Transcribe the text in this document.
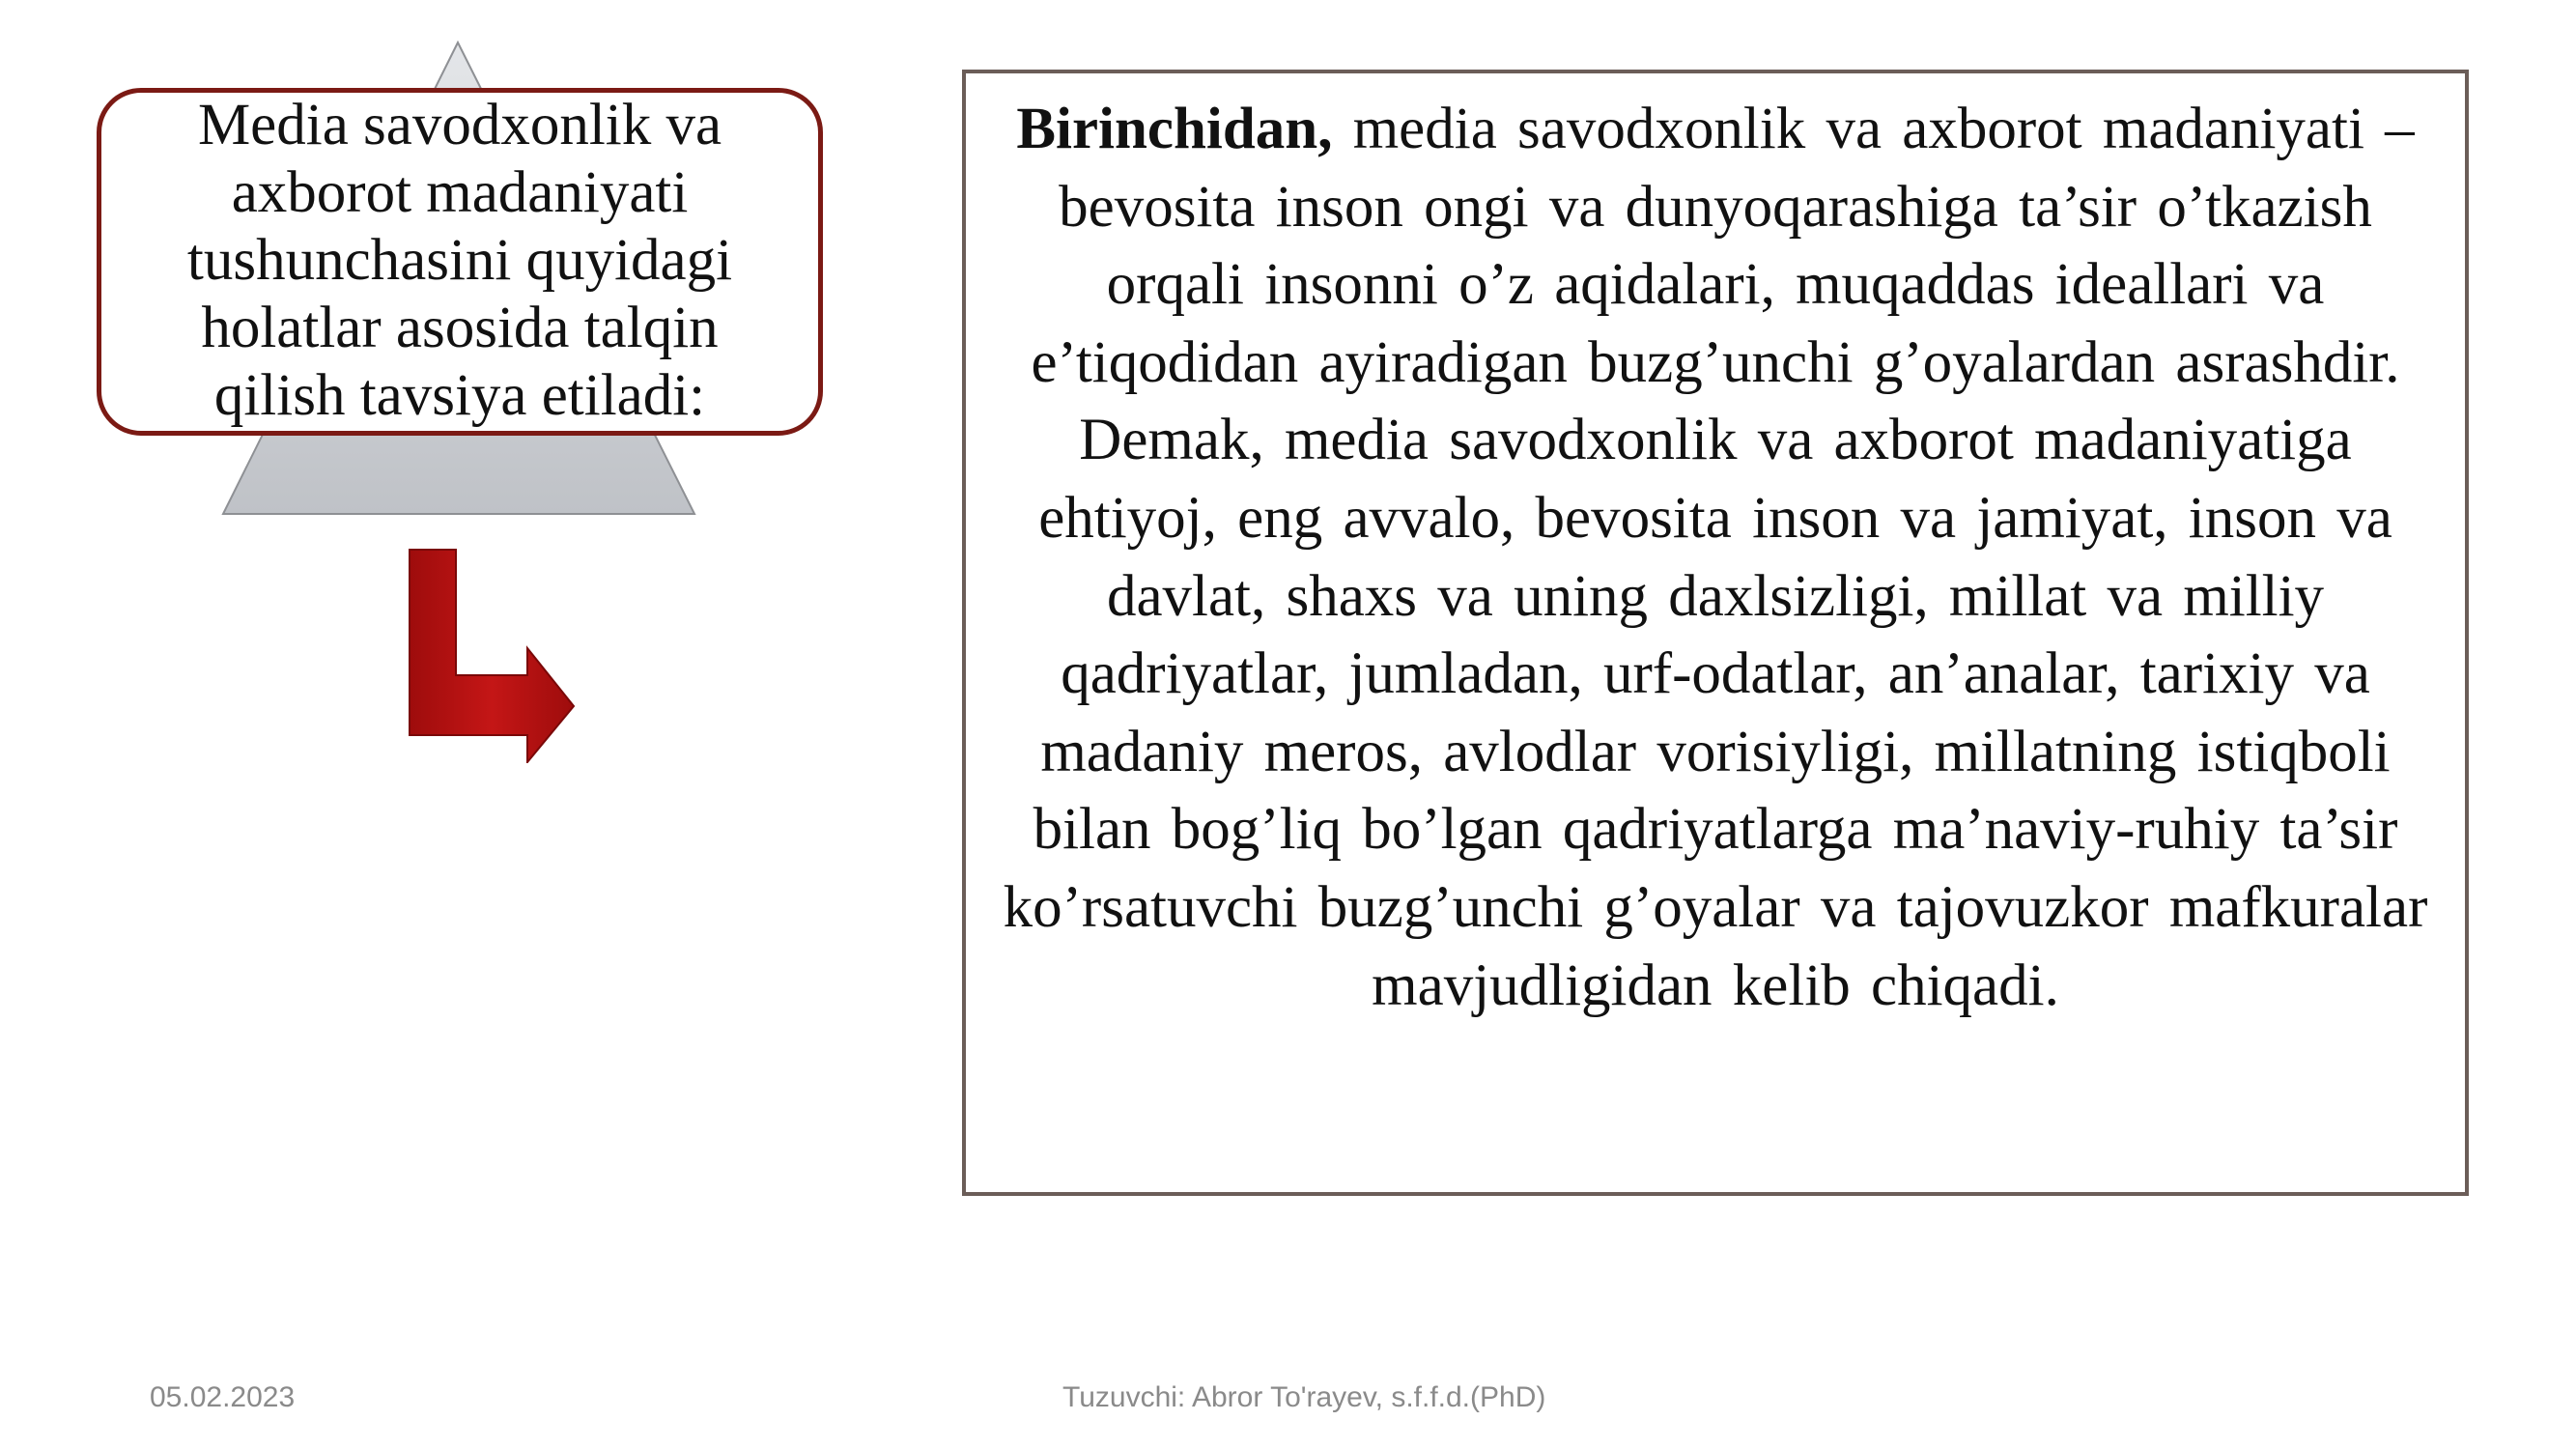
Media savodxonlik va axborot madaniyati tushunchasini quyidagi holatlar asosida talqin qilish tavsiya etiladi:
Birinchidan, media savodxonlik va axborot madaniyati – bevosita inson ongi va dunyoqarashiga ta’sir o’tkazish orqali insonni o’z aqidalari, muqaddas ideallari va e’tiqodidan ayiradigan buzg’unchi g’oyalardan asrashdir. Demak, media savodxonlik va axborot madaniyatiga ehtiyoj, eng avvalo, bevosita inson va jamiyat, inson va davlat, shaxs va uning daxlsizligi, millat va milliy qadriyatlar, jumladan, urf-odatlar, an’analar, tarixiy va madaniy meros, avlodlar vorisiyligi, millatning istiqboli bilan bog’liq bo’lgan qadriyatlarga ma’naviy-ruhiy ta’sir ko’rsatuvchi buzg’unchi g’oyalar va tajovuzkor mafkuralar mavjudligidan kelib chiqadi.
05.02.2023	Tuzuvchi: Abror To'rayev, s.f.f.d.(PhD)
